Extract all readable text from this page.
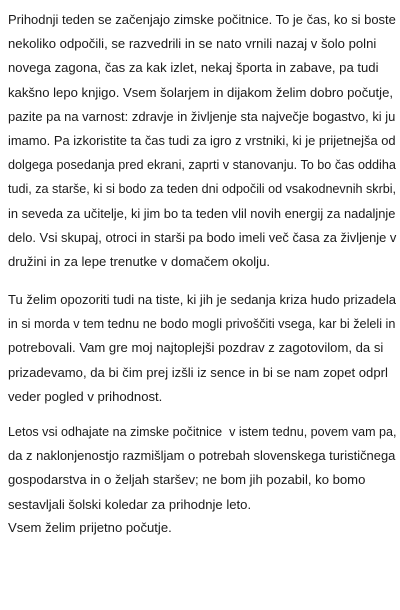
Prihodnji teden se začenjajo zimske počitnice. To je čas, ko si boste
nekoliko odpočili, se razvedrili in se nato vrnili nazaj v šolo polni
novega zagona, čas za kak izlet, nekaj športa in zabave, pa tudi
kakšno lepo knjigo. Vsem šolarjem in dijakom želim dobro počutje,
pazite pa na varnost: zdravje in življenje sta največje bogastvo, ki ju
imamo. Pa izkoristite ta čas tudi za igro z vrstniki, ki je prijetnejša od
dolgega posedanja pred ekrani, zaprti v stanovanju. To bo čas oddiha
tudi, za starše, ki si bodo za teden dni odpočili od vsakodnevnih skrbi,
in seveda za učitelje, ki jim bo ta teden vlil novih energij za nadaljnje
delo. Vsi skupaj, otroci in starši pa bodo imeli več časa za življenje v
družini in za lepe trenutke v domačem okolju.

Tu želim opozoriti tudi na tiste, ki jih je sedanja kriza hudo prizadela
in si morda v tem tednu ne bodo mogli privoščiti vsega, kar bi želeli in
potrebovali. Vam gre moj najtoplejši pozdrav z zagotovilom, da si
prizadevamo, da bi čim prej izšli iz sence in bi se nam zopet odprl
veder pogled v prihodnost.

Letos vsi odhajate na zimske počitnice  v istem tednu, povem vam pa,
da z naklonjenostjo razmišljam o potrebah slovenskega turističnega
gospodarstva in o željah staršev; ne bom jih pozabil, ko bomo
sestavljali šolski koledar za prihodnje leto.

Vsem želim prijetno počutje.
